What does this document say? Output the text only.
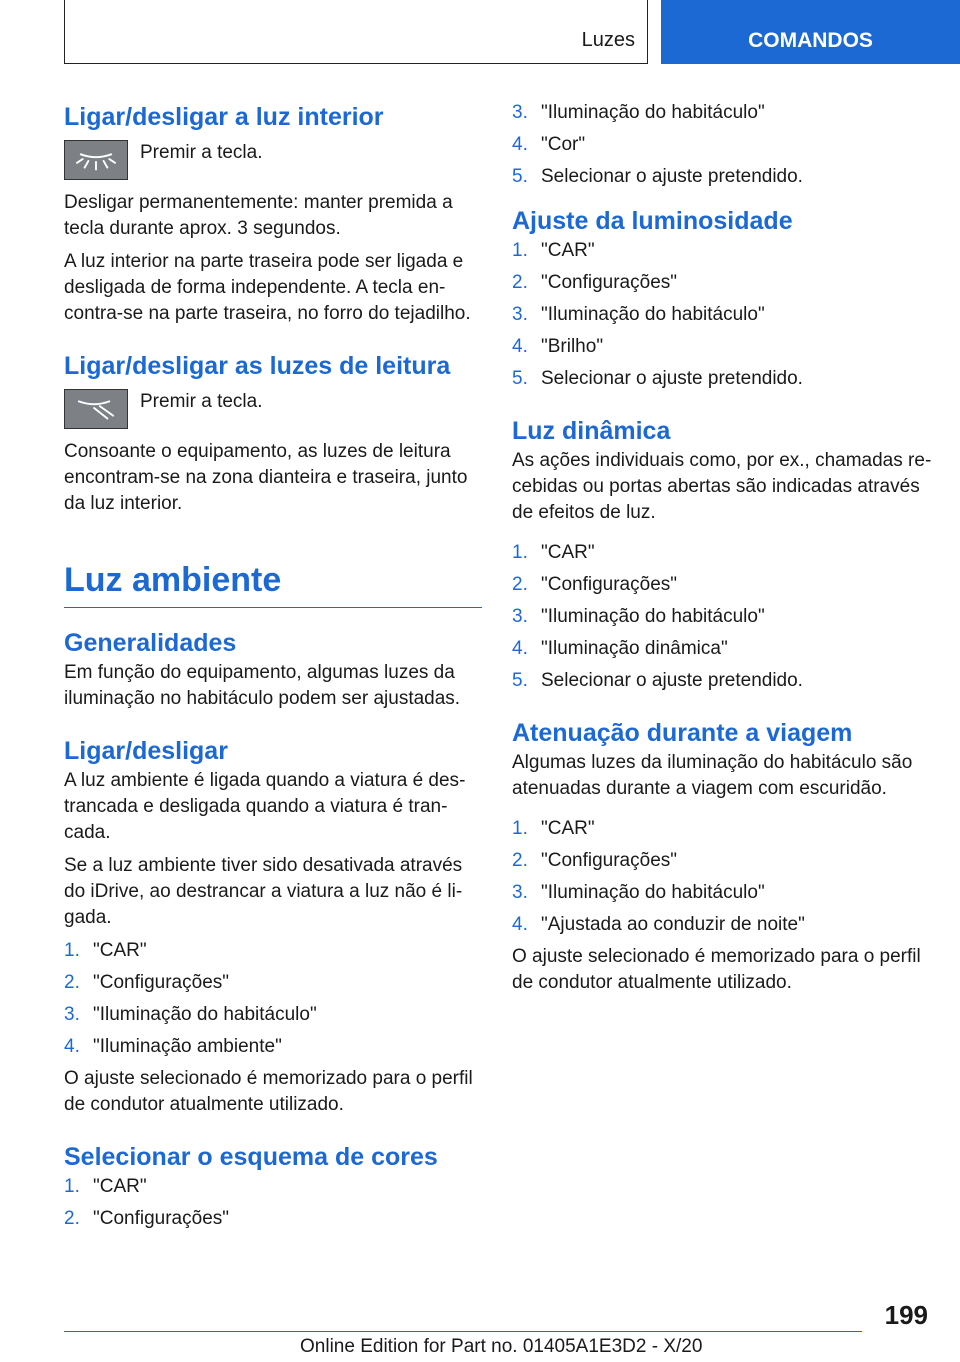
Luzes	COMANDOS
Ligar/desligar a luz interior

Premir a tecla.

Desligar permanentemente: manter premida a tecla durante aprox. 3 segundos.

A luz interior na parte traseira pode ser ligada e desligada de forma independente. A tecla encontra-se na parte traseira, no forro do tejadilho.

Ligar/desligar as luzes de leitura

Premir a tecla.

Consoante o equipamento, as luzes de leitura encontram-se na zona dianteira e traseira, junto da luz interior.

Luz ambiente
Generalidades

Em função do equipamento, algumas luzes da iluminação no habitáculo podem ser ajustadas.

Ligar/desligar

A luz ambiente é ligada quando a viatura é destrancada e desligada quando a viatura é trancada.

Se a luz ambiente tiver sido desativada através do iDrive, ao destrancar a viatura a luz não é ligada.

1. "CAR"
2. "Configurações"
3. "Iluminação do habitáculo"
4. "Iluminação ambiente"

O ajuste selecionado é memorizado para o perfil de condutor atualmente utilizado.

Selecionar o esquema de cores
1. "CAR"
2. "Configurações"
3. "Iluminação do habitáculo"
4. "Cor"
5. Selecionar o ajuste pretendido.
Ajuste da luminosidade
1. "CAR"
2. "Configurações"
3. "Iluminação do habitáculo"
4. "Brilho"
5. Selecionar o ajuste pretendido.
Luz dinâmica

As ações individuais como, por ex., chamadas recebidas ou portas abertas são indicadas através de efeitos de luz.

1. "CAR"
2. "Configurações"
3. "Iluminação do habitáculo"
4. "Iluminação dinâmica"
5. Selecionar o ajuste pretendido.
Atenuação durante a viagem

Algumas luzes da iluminação do habitáculo são atenuadas durante a viagem com escuridão.

1. "CAR"
2. "Configurações"
3. "Iluminação do habitáculo"
4. "Ajustada ao conduzir de noite"

O ajuste selecionado é memorizado para o perfil de condutor atualmente utilizado.

199
Online Edition for Part no. 01405A1E3D2 - X/20
